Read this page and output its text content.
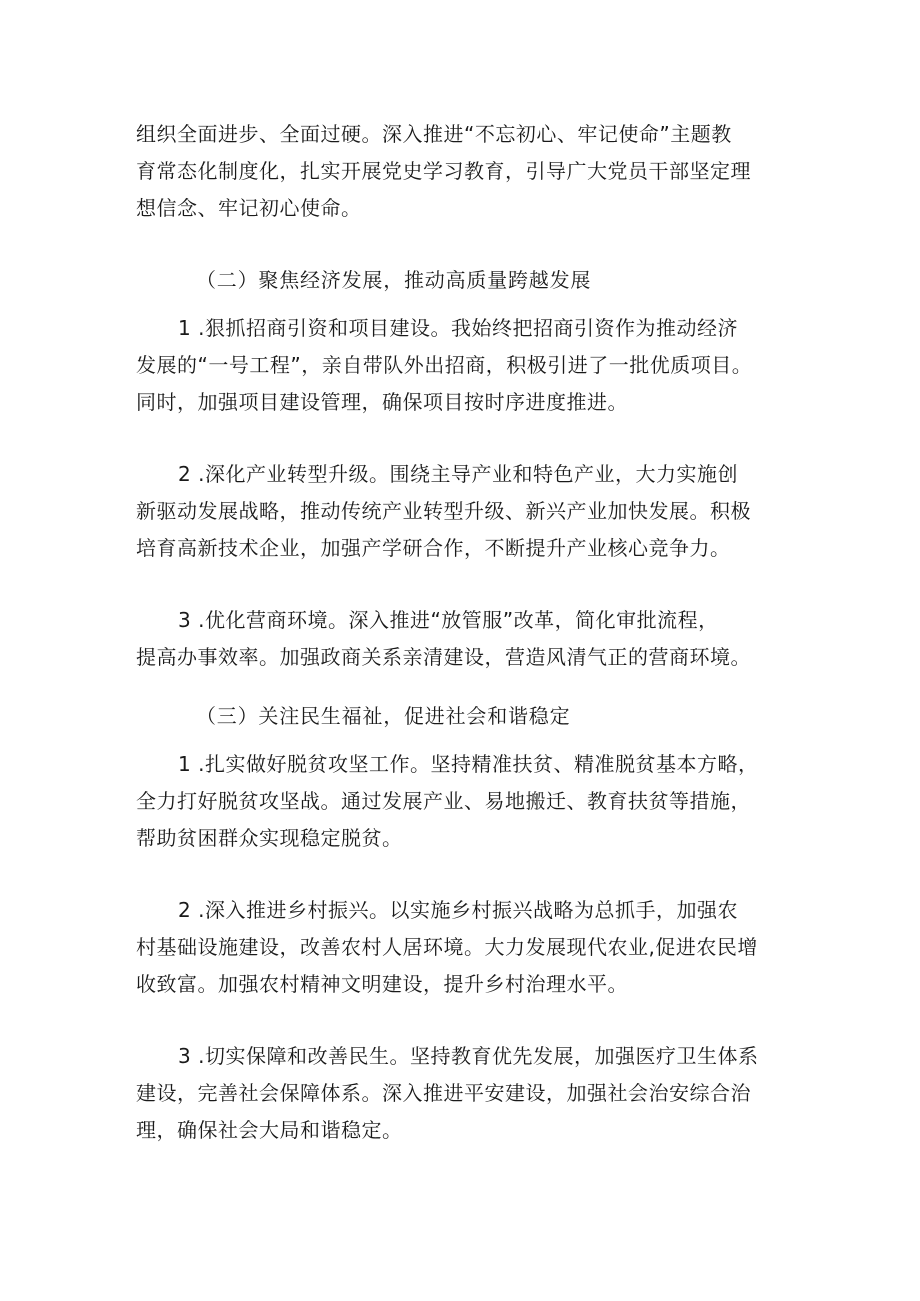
组织全面进步、全面过硬。深入推进“不忘初心、牢记使命”主题教
育常态化制度化，扎实开展党史学习教育，引导广大党员干部坚定理
想信念、牢记初心使命。
（二）聚焦经济发展，推动高质量跨越发展
1 .狠抓招商引资和项目建设。我始终把招商引资作为推动经济
发展的“一号工程”，亲自带队外出招商，积极引进了一批优质项目。
同时，加强项目建设管理，确保项目按时序进度推进。
2 .深化产业转型升级。围绕主导产业和特色产业，大力实施创
新驱动发展战略，推动传统产业转型升级、新兴产业加快发展。积极
培育高新技术企业，加强产学研合作，不断提升产业核心竞争力。
3 .优化营商环境。深入推进“放管服”改革，简化审批流程，
提高办事效率。加强政商关系亲清建设，营造风清气正的营商环境。
（三）关注民生福祉，促进社会和谐稳定
1 .扎实做好脱贫攻坚工作。坚持精准扶贫、精准脱贫基本方略，
全力打好脱贫攻坚战。通过发展产业、易地搬迁、教育扶贫等措施，
帮助贫困群众实现稳定脱贫。
2 .深入推进乡村振兴。以实施乡村振兴战略为总抓手，加强农
村基础设施建设，改善农村人居环境。大力发展现代农业,促进农民增
收致富。加强农村精神文明建设，提升乡村治理水平。
3 .切实保障和改善民生。坚持教育优先发展，加强医疗卫生体系
建设，完善社会保障体系。深入推进平安建设，加强社会治安综合治
理，确保社会大局和谐稳定。
